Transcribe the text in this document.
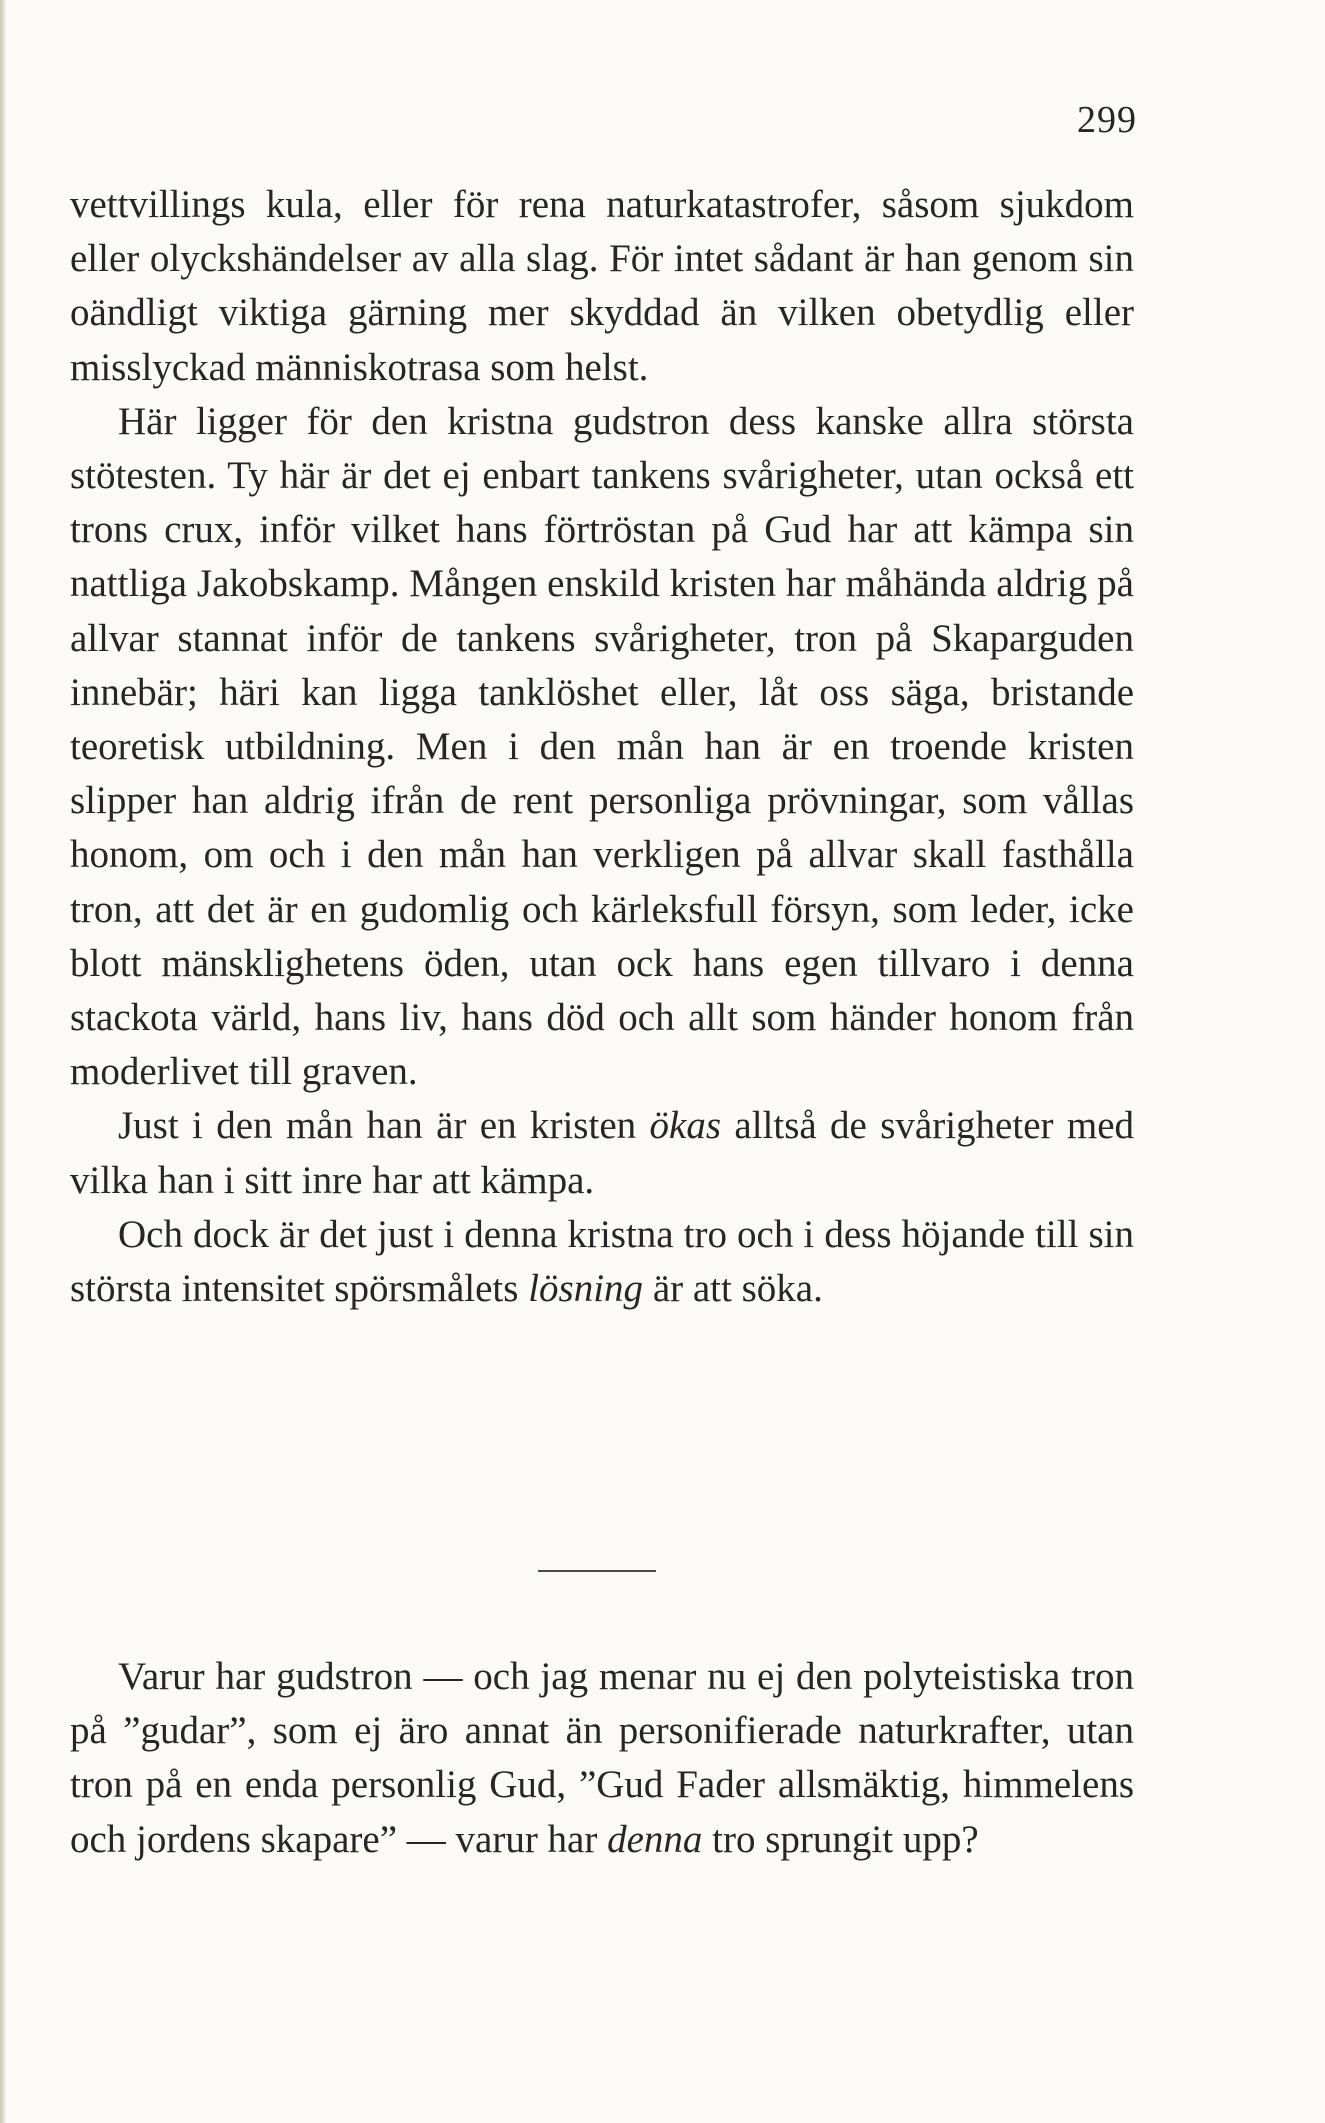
299

vettvillings kula, eller för rena naturkatastrofer, såsom sjukdom eller olyckshändelser av alla slag. För intet sådant är han genom sin oändligt viktiga gärning mer skyddad än vilken obetydlig eller misslyckad människotrasa som helst.

Här ligger för den kristna gudstron dess kanske allra största stötesten. Ty här är det ej enbart tankens svårigheter, utan också ett trons crux, inför vilket hans förtröstan på Gud har att kämpa sin nattliga Jakobskamp. Mången enskild kristen har måhända aldrig på allvar stannat inför de tankens svårigheter, tron på Skaparguden innebär; häri kan ligga tanklöshet eller, låt oss säga, bristande teoretisk utbildning. Men i den mån han är en troende kristen slipper han aldrig ifrån de rent personliga prövningar, som vållas honom, om och i den mån han verkligen på allvar skall fasthålla tron, att det är en gudomlig och kärleksfull försyn, som leder, icke blott mänsklighetens öden, utan ock hans egen tillvaro i denna stackota värld, hans liv, hans död och allt som händer honom från moderlivet till graven.

Just i den mån han är en kristen ökas alltså de svårigheter med vilka han i sitt inre har att kämpa.

Och dock är det just i denna kristna tro och i dess höjande till sin största intensitet spörsmålets lösning är att söka.

Varur har gudstron — och jag menar nu ej den polyteistiska tron på ”gudar”, som ej äro annat än personifierade naturkrafter, utan tron på en enda personlig Gud, ”Gud Fader allsmäktig, himmelens och jordens skapare” — varur har denna tro sprungit upp?
